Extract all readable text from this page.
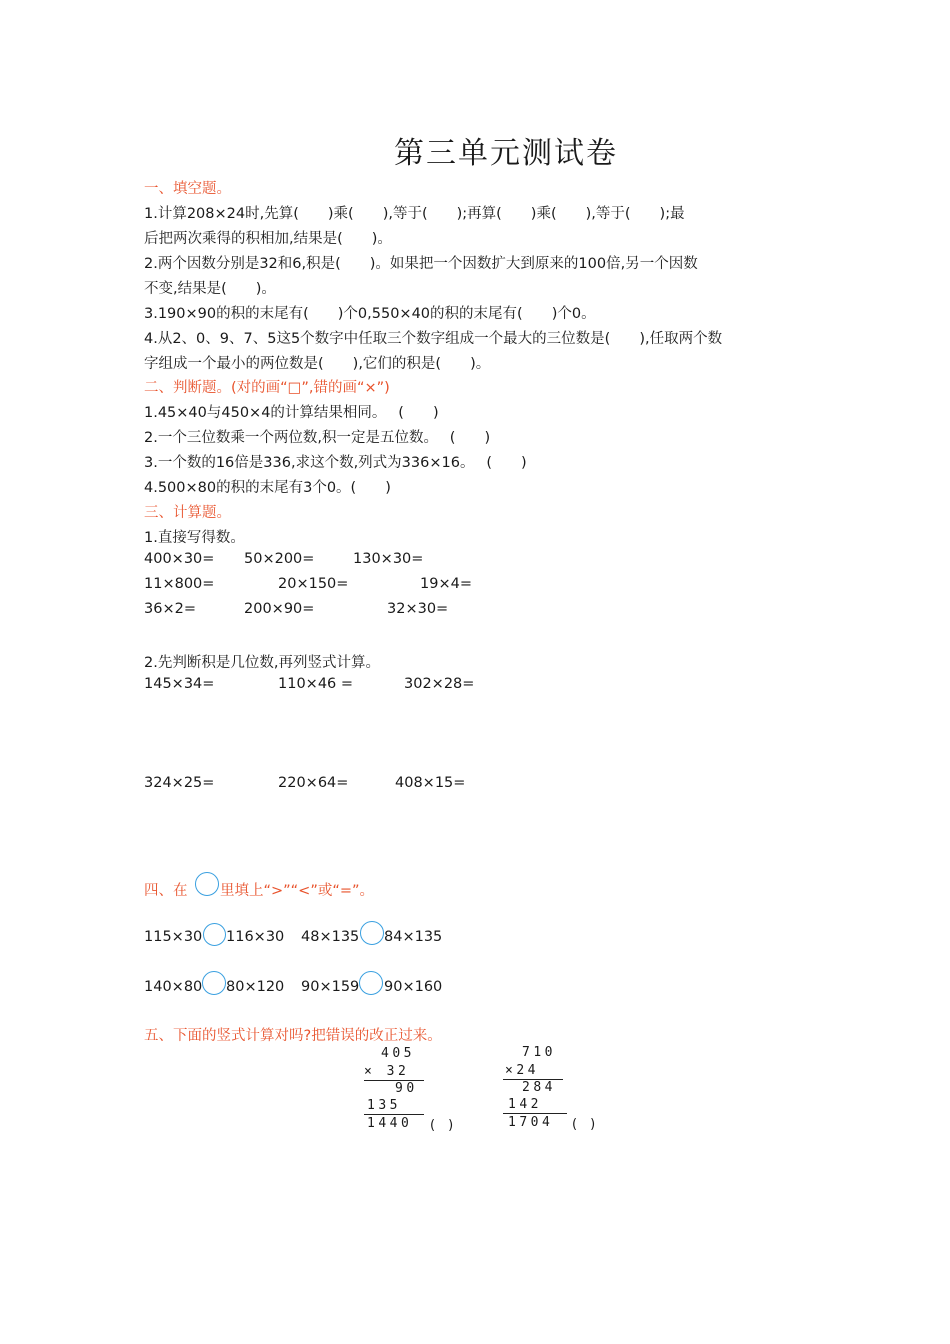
第三单元测试卷
一、填空题。
1.计算208×24时,先算(　　)乘(　　),等于(　　);再算(　　)乘(　　),等于(　　);最
后把两次乘得的积相加,结果是(　　)。
2.两个因数分别是32和6,积是(　　)。如果把一个因数扩大到原来的100倍,另一个因数
不变,结果是(　　)。
3.190×90的积的末尾有(　　)个0,550×40的积的末尾有(　　)个0。
4.从2、0、9、7、5这5个数字中任取三个数字组成一个最大的三位数是(　　),任取两个数
字组成一个最小的两位数是(　　),它们的积是(　　)。
二、判断题。(对的画“□”,错的画“×”)
1.45×40与450×4的计算结果相同。　 (　　)
2.一个三位数乘一个两位数,积一定是五位数。　 (　　)
3.一个数的16倍是336,求这个数,列式为336×16。　 (　　)
4.500×80的积的末尾有3个0。(　　)
三、计算题。
1.直接写得数。
400×30= 50×200=	130×30=
11×800=	20×150=	19×4=
36×2=	200×90=	32×30=
2.先判断积是几位数,再列竖式计算。
145×34=	110×46 =	302×28=
324×25=	220×64=	408×15=
四、在 里填上“>”“<”或“=”。
115×30 116×30 48×135 84×135
140×80 80×120 90×159 90×160
五、下面的竖式计算对吗?把错误的改正过来。
405
× 32
90
135
1440 (　)
710
×24
284
142
1704 (　)
